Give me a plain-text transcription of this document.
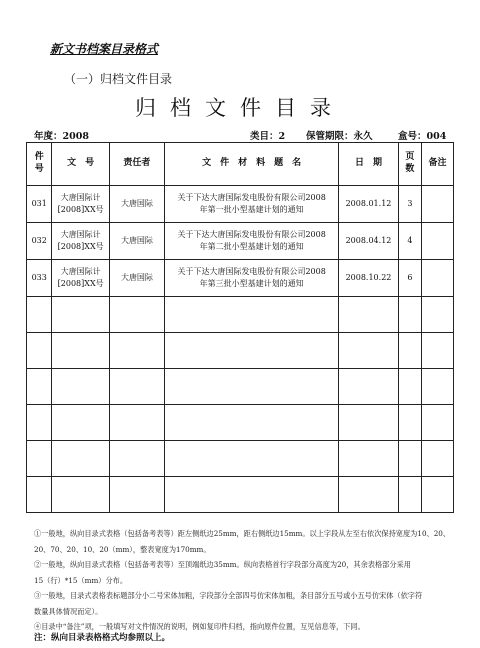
新文书档案目录格式
（一）归档文件目录
归档文件目录
年度：2008	类目：2 保管期限：永久	盒号：004
件号	文　号	责任者	文　件　材　料　题　名	日　期	页数	备注
031	大唐国际计[2008]XX号	大唐国际	关于下达大唐国际发电股份有限公司2008年第一批小型基建计划的通知	2008.01.12	3	
032	大唐国际计[2008]XX号	大唐国际	关于下达大唐国际发电股份有限公司2008年第二批小型基建计划的通知	2008.04.12	4	
033	大唐国际计[2008]XX号	大唐国际	关于下达大唐国际发电股份有限公司2008年第三批小型基建计划的通知	2008.10.22	6	

①一般地，纵向目录式表格（包括备考表等）距左侧纸边25mm，距右侧纸边15mm。以上字段从左至右依次保持宽度为10、20、
20、70、20、10、20（mm），整表宽度为170mm。
②一般地，纵向目录式表格（包括备考表等）至顶端纸边35mm。纵向表格首行字段部分高度为20，其余表格部分采用
15（行）*15（mm）分布。
③一般地，目录式表格表标题部分小二号宋体加粗，字段部分全部四号仿宋体加粗，条目部分五号或小五号仿宋体（依字符
数量具体情况而定）。
④目录中“备注”项，一般填写对文件情况的说明，例如复印件归档，指向原件位置，互见信息等，下同。
注：纵向目录表格格式均参照以上。
